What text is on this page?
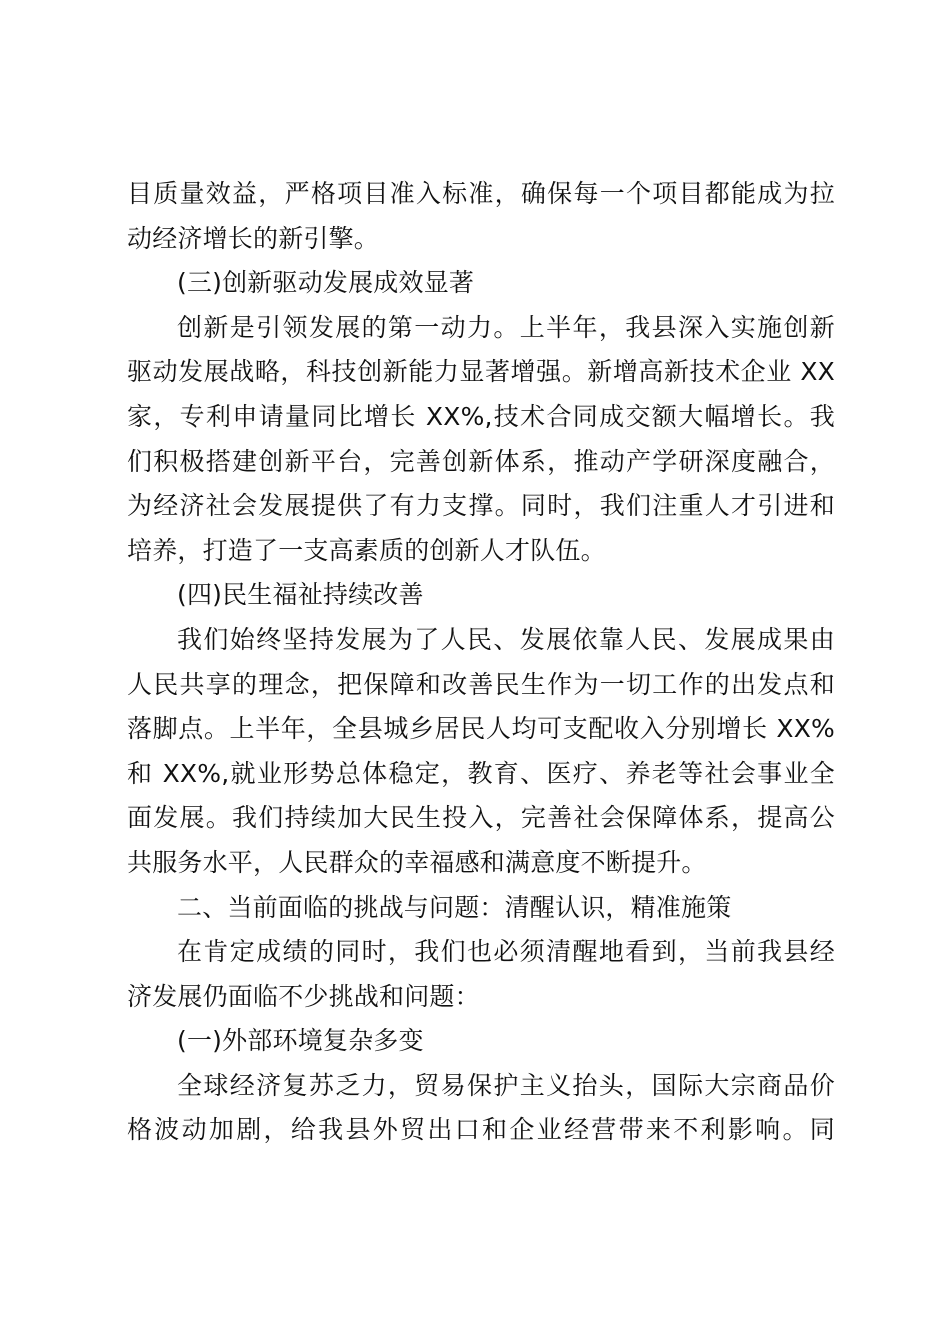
目质量效益，严格项目准入标准，确保每一个项目都能成为拉
动经济增长的新引擎。
(三)创新驱动发展成效显著
创新是引领发展的第一动力。上半年，我县深入实施创新
驱动发展战略，科技创新能力显著增强。新增高新技术企业 XX
家，专利申请量同比增长 XX%,技术合同成交额大幅增长。我
们积极搭建创新平台，完善创新体系，推动产学研深度融合，
为经济社会发展提供了有力支撑。同时，我们注重人才引进和
培养，打造了一支高素质的创新人才队伍。
(四)民生福祉持续改善
我们始终坚持发展为了人民、发展依靠人民、发展成果由
人民共享的理念，把保障和改善民生作为一切工作的出发点和
落脚点。上半年，全县城乡居民人均可支配收入分别增长 XX%
和 XX%,就业形势总体稳定，教育、医疗、养老等社会事业全
面发展。我们持续加大民生投入，完善社会保障体系，提高公
共服务水平，人民群众的幸福感和满意度不断提升。
二、当前面临的挑战与问题：清醒认识，精准施策
在肯定成绩的同时，我们也必须清醒地看到，当前我县经
济发展仍面临不少挑战和问题：
(一)外部环境复杂多变
全球经济复苏乏力，贸易保护主义抬头，国际大宗商品价
格波动加剧，给我县外贸出口和企业经营带来不利影响。同
